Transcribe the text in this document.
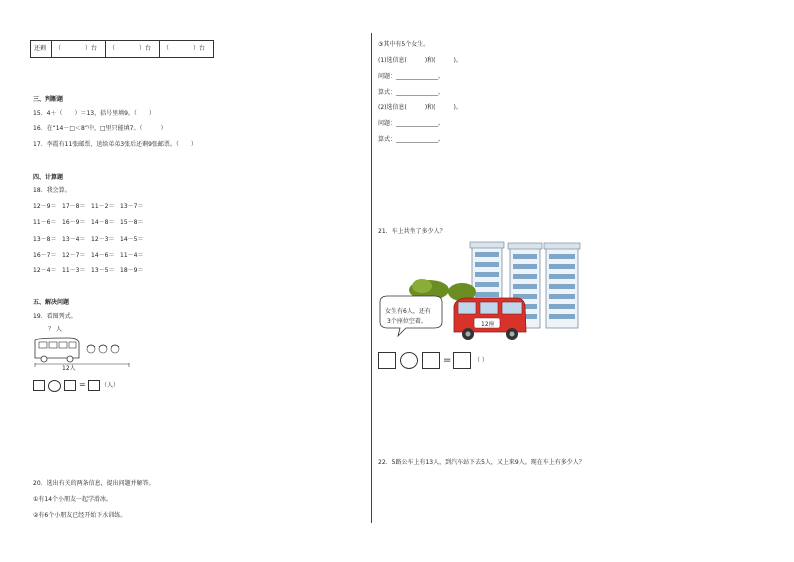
还剩	（　　　　）台	（　　　　）台	（　　　　）台
三、判断题
15．4＋（　　）＝13，括号里填9。（　　）
16．在“14－□＜8”中，□里只能填7。（　　　）
17．李霞有11张邮票，送给弟弟3张后还剩9张邮票。（　　）
四、计算题
18．我会算。
12－9＝ 17－8＝ 11－2＝ 13－7＝
11－6＝ 16－9＝ 14－8＝ 15－8＝
13－8＝ 13－4＝ 12－3＝ 14－5＝
16－7＝ 12－7＝ 14－6＝ 11－4＝
12－4＝ 11－3＝ 13－5＝ 18－9＝
五、解决问题
19．看图列式。
？ 人
12人
=	（人）
20．选出有关的两条信息，提出问题并解答。
①有14个小朋友一起学滑冰。
②有6个小朋友已经开始下水训练。
③其中有5个女生。
(1)选信息(　　　)和(　　　)。
问题：______________。
算式：______________。
(2)选信息(　　　)和(　　　)。
问题：______________。
算式：______________。
21．车上共坐了多少人？
女生有6人，还有
3个座位空着。	12座
=	（ ）
22．5路公车上有13人，到汽车站下去5人，又上来9人。现在车上有多少人？
